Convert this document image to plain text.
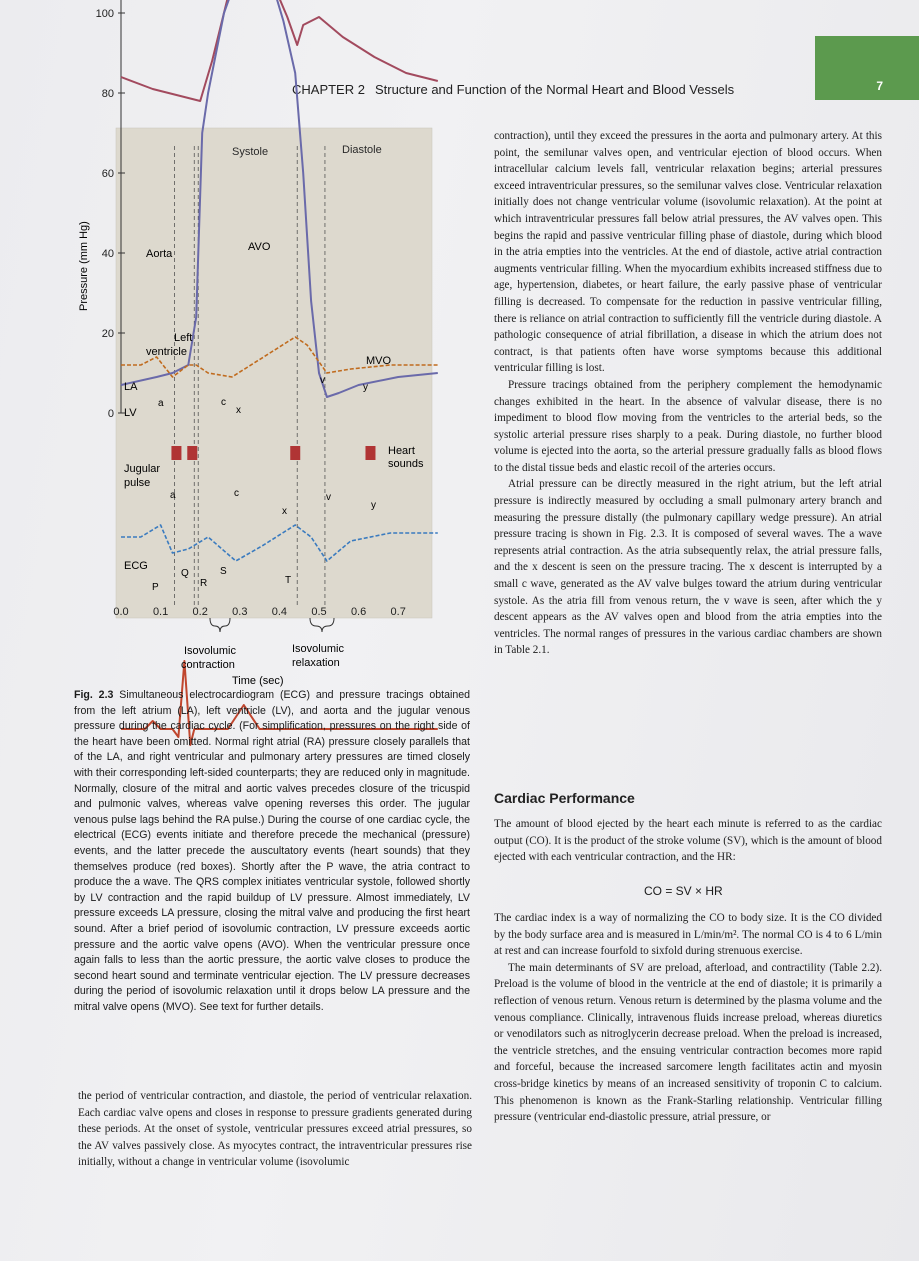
7
CHAPTER 2 Structure and Function of the Normal Heart and Blood Vessels
0
20
40
60
80
100
0.0 0.1 0.2 0.3 0.4 0.5 0.6 0.7
Systole	Diastole
Aorta
AVO
Left
ventricle
MVO
LA
LV
a	c
x
v
y
Jugular
pulse
Heart
sounds
a	c
x
v
y
ECG
P
Q
R
S
T
Isovolumic
contraction
Isovolumic
relaxation
Time (sec)
Pressure (mm Hg)
Fig. 2.3 Simultaneous electrocardiogram (ECG) and pressure tracings obtained from the left atrium (LA), left ventricle (LV), and aorta and the jugular venous pressure during the cardiac cycle. (For simplification, pressures on the right side of the heart have been omitted. Normal right atrial (RA) pressure closely parallels that of the LA, and right ventricular and pulmonary artery pressures are timed closely with their corresponding left-sided counterparts; they are reduced only in magnitude. Normally, closure of the mitral and aortic valves precedes closure of the tricuspid and pulmonic valves, whereas valve opening reverses this order. The jugular venous pulse lags behind the RA pulse.) During the course of one cardiac cycle, the electrical (ECG) events initiate and therefore precede the mechanical (pressure) events, and the latter precede the auscultatory events (heart sounds) that they themselves produce (red boxes). Shortly after the P wave, the atria contract to produce the a wave. The QRS complex initiates ventricular systole, followed shortly by LV contraction and the rapid buildup of LV pressure. Almost immediately, LV pressure exceeds LA pressure, closing the mitral valve and producing the first heart sound. After a brief period of isovolumic contraction, LV pressure exceeds aortic pressure and the aortic valve opens (AVO). When the ventricular pressure once again falls to less than the aortic pressure, the aortic valve closes to produce the second heart sound and terminate ventricular ejection. The LV pressure decreases during the period of isovolumic relaxation until it drops below LA pressure and the mitral valve opens (MVO). See text for further details.

the period of ventricular contraction, and diastole, the period of ventricular relaxation. Each cardiac valve opens and closes in response to pressure gradients generated during these periods. At the onset of systole, ventricular pressures exceed atrial pressures, so the AV valves passively close. As myocytes contract, the intraventricular pressures rise initially, without a change in ventricular volume (isovolumic

contraction), until they exceed the pressures in the aorta and pulmonary artery. At this point, the semilunar valves open, and ventricular ejection of blood occurs. When intracellular calcium levels fall, ventricular relaxation begins; arterial pressures exceed intraventricular pressures, so the semilunar valves close. Ventricular relaxation initially does not change ventricular volume (isovolumic relaxation). At the point at which intraventricular pressures fall below atrial pressures, the AV valves open. This begins the rapid and passive ventricular filling phase of diastole, during which blood in the atria empties into the ventricles. At the end of diastole, active atrial contraction augments ventricular filling. When the myocardium exhibits increased stiffness due to age, hypertension, diabetes, or heart failure, the early passive phase of ventricular filling is decreased. To compensate for the reduction in passive ventricular filling, there is reliance on atrial contraction to sufficiently fill the ventricle during diastole. A pathologic consequence of atrial fibrillation, a disease in which the atrium does not contract, is that patients often have worse symptoms because this additional ventricular filling is lost.

Pressure tracings obtained from the periphery complement the hemodynamic changes exhibited in the heart. In the absence of valvular disease, there is no impediment to blood flow moving from the ventricles to the arterial beds, so the systolic arterial pressure rises sharply to a peak. During diastole, no further blood volume is ejected into the aorta, so the arterial pressure gradually falls as blood flows to the distal tissue beds and elastic recoil of the arteries occurs.

Atrial pressure can be directly measured in the right atrium, but the left atrial pressure is indirectly measured by occluding a small pulmonary artery branch and measuring the pressure distally (the pulmonary capillary wedge pressure). An atrial pressure tracing is shown in Fig. 2.3. It is composed of several waves. The a wave represents atrial contraction. As the atria subsequently relax, the atrial pressure falls, and the x descent is seen on the pressure tracing. The x descent is interrupted by a small c wave, generated as the AV valve bulges toward the atrium during ventricular systole. As the atria fill from venous return, the v wave is seen, after which the y descent appears as the AV valves open and blood from the atria empties into the ventricles. The normal ranges of pressures in the various cardiac chambers are shown in Table 2.1.

Cardiac Performance

The amount of blood ejected by the heart each minute is referred to as the cardiac output (CO). It is the product of the stroke volume (SV), which is the amount of blood ejected with each ventricular contraction, and the HR:

CO = SV × HR

The cardiac index is a way of normalizing the CO to body size. It is the CO divided by the body surface area and is measured in L/min/m². The normal CO is 4 to 6 L/min at rest and can increase fourfold to sixfold during strenuous exercise.

The main determinants of SV are preload, afterload, and contractility (Table 2.2). Preload is the volume of blood in the ventricle at the end of diastole; it is primarily a reflection of venous return. Venous return is determined by the plasma volume and the venous compliance. Clinically, intravenous fluids increase preload, whereas diuretics or venodilators such as nitroglycerin decrease preload. When the preload is increased, the ventricle stretches, and the ensuing ventricular contraction becomes more rapid and forceful, because the increased sarcomere length facilitates actin and myosin cross-bridge kinetics by means of an increased sensitivity of troponin C to calcium. This phenomenon is known as the Frank-Starling relationship. Ventricular filling pressure (ventricular end-diastolic pressure, atrial pressure, or
